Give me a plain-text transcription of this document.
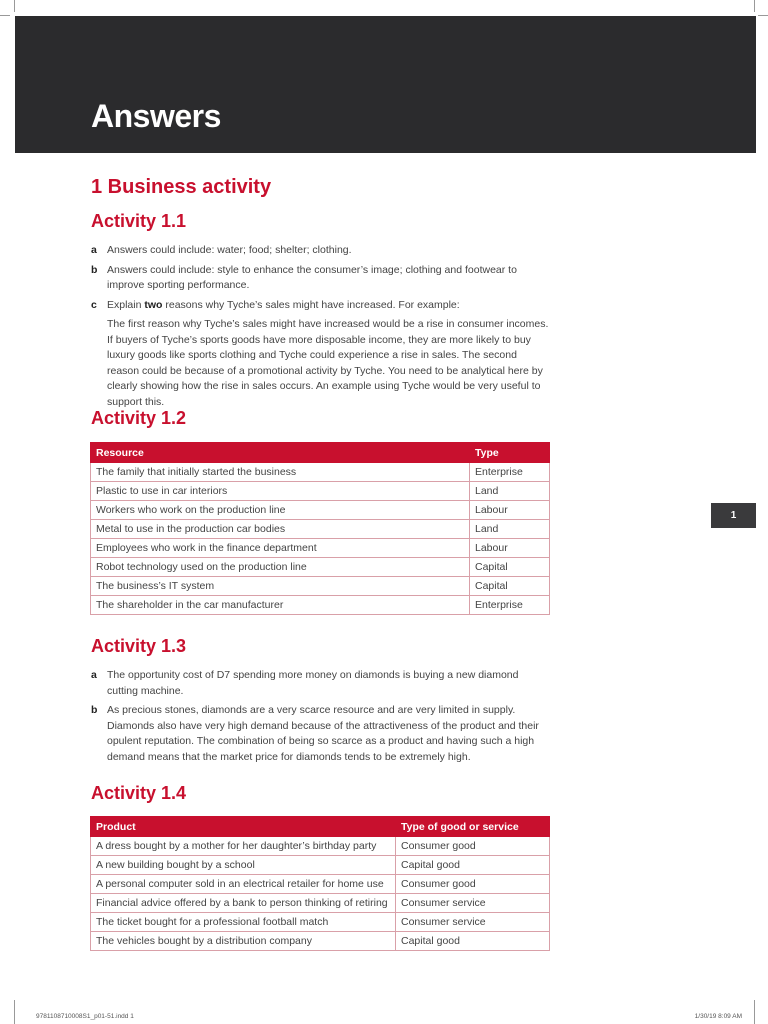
Answers
1 Business activity
Activity 1.1
a Answers could include: water; food; shelter; clothing.
b Answers could include: style to enhance the consumer’s image; clothing and footwear to improve sporting performance.
c Explain two reasons why Tyche’s sales might have increased. For example:
The first reason why Tyche’s sales might have increased would be a rise in consumer incomes. If buyers of Tyche’s sports goods have more disposable income, they are more likely to buy luxury goods like sports clothing and Tyche could experience a rise in sales. The second reason could be because of a promotional activity by Tyche. You need to be analytical here by clearly showing how the rise in sales occurs. An example using Tyche would be very useful to support this.
Activity 1.2
Resource	Type
The family that initially started the business	Enterprise
Plastic to use in car interiors	Land
Workers who work on the production line	Labour
Metal to use in the production car bodies	Land
Employees who work in the finance department	Labour
Robot technology used on the production line	Capital
The business’s IT system	Capital
The shareholder in the car manufacturer	Enterprise
1
Activity 1.3
a The opportunity cost of D7 spending more money on diamonds is buying a new diamond cutting machine.
b As precious stones, diamonds are a very scarce resource and are very limited in supply. Diamonds also have very high demand because of the attractiveness of the product and their opulent reputation. The combination of being so scarce as a product and having such a high demand means that the market price for diamonds tends to be extremely high.
Activity 1.4
Product	Type of good or service
A dress bought by a mother for her daughter’s birthday party	Consumer good
A new building bought by a school	Capital good
A personal computer sold in an electrical retailer for home use	Consumer good
Financial advice offered by a bank to person thinking of retiring	Consumer service
The ticket bought for a professional football match	Consumer service
The vehicles bought by a distribution company	Capital good
9781108710008S1_p01-51.indd 1	1/30/19 8:09 AM
